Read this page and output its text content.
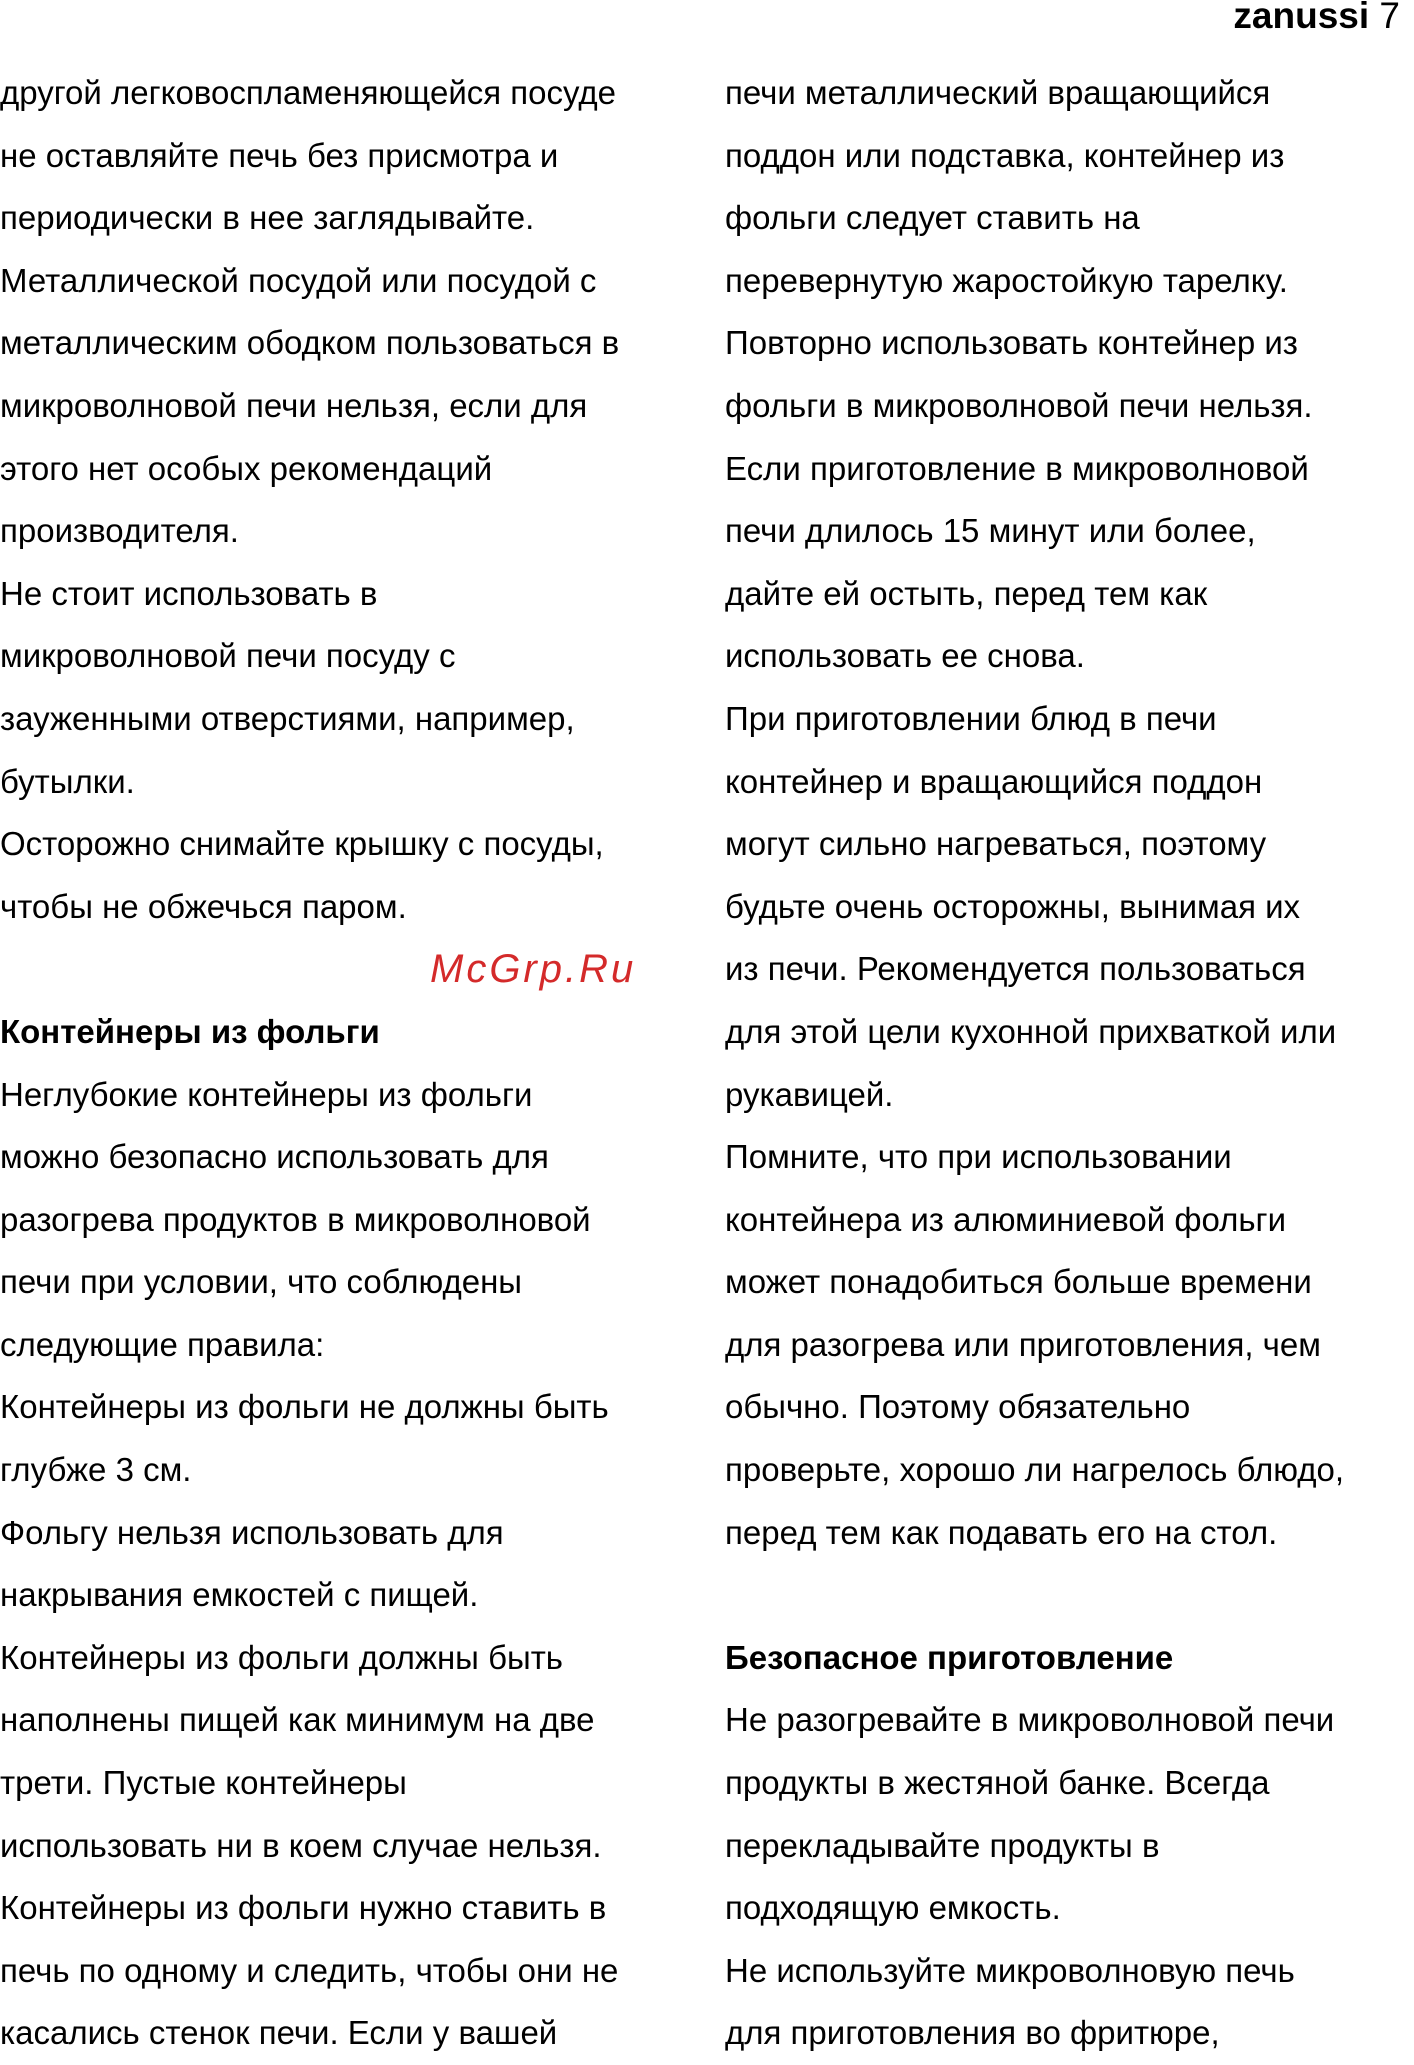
zanussi 7
другой легковоспламеняющейся посуде
не оставляйте печь без присмотра и
периодически в нее заглядывайте.
Металлической посудой или посудой с
металлическим ободком пользоваться в
микроволновой печи нельзя, если для
этого нет особых рекомендаций
производителя.
Не стоит использовать в
микроволновой печи посуду с
зауженными отверстиями, например,
бутылки.
Осторожно снимайте крышку с посуды,
чтобы не обжечься паром.
Контейнеры из фольги
Неглубокие контейнеры из фольги
можно безопасно использовать для
разогрева продуктов в микроволновой
печи при условии, что соблюдены
следующие правила:
Контейнеры из фольги не должны быть
глубже 3 см.
Фольгу нельзя использовать для
накрывания емкостей с пищей.
Контейнеры из фольги должны быть
наполнены пищей как минимум на две
трети. Пустые контейнеры
использовать ни в коем случае нельзя.
Контейнеры из фольги нужно ставить в
печь по одному и следить, чтобы они не
касались стенок печи. Если у вашей
печи металлический вращающийся
поддон или подставка, контейнер из
фольги следует ставить на
перевернутую жаростойкую тарелку.
Повторно использовать контейнер из
фольги в микроволновой печи нельзя.
Если приготовление в микроволновой
печи длилось 15 минут или более,
дайте ей остыть, перед тем как
использовать ее снова.
При приготовлении блюд в печи
контейнер и вращающийся поддон
могут сильно нагреваться, поэтому
будьте очень осторожны, вынимая их
из печи. Рекомендуется пользоваться
для этой цели кухонной прихваткой или
рукавицей.
Помните, что при использовании
контейнера из алюминиевой фольги
может понадобиться больше времени
для разогрева или приготовления, чем
обычно. Поэтому обязательно
проверьте, хорошо ли нагрелось блюдо,
перед тем как подавать его на стол.
Безопасное приготовление
Не разогревайте в микроволновой печи
продукты в жестяной банке. Всегда
перекладывайте продукты в
подходящую емкость.
Не используйте микроволновую печь
для приготовления во фритюре,
McGrp.Ru
